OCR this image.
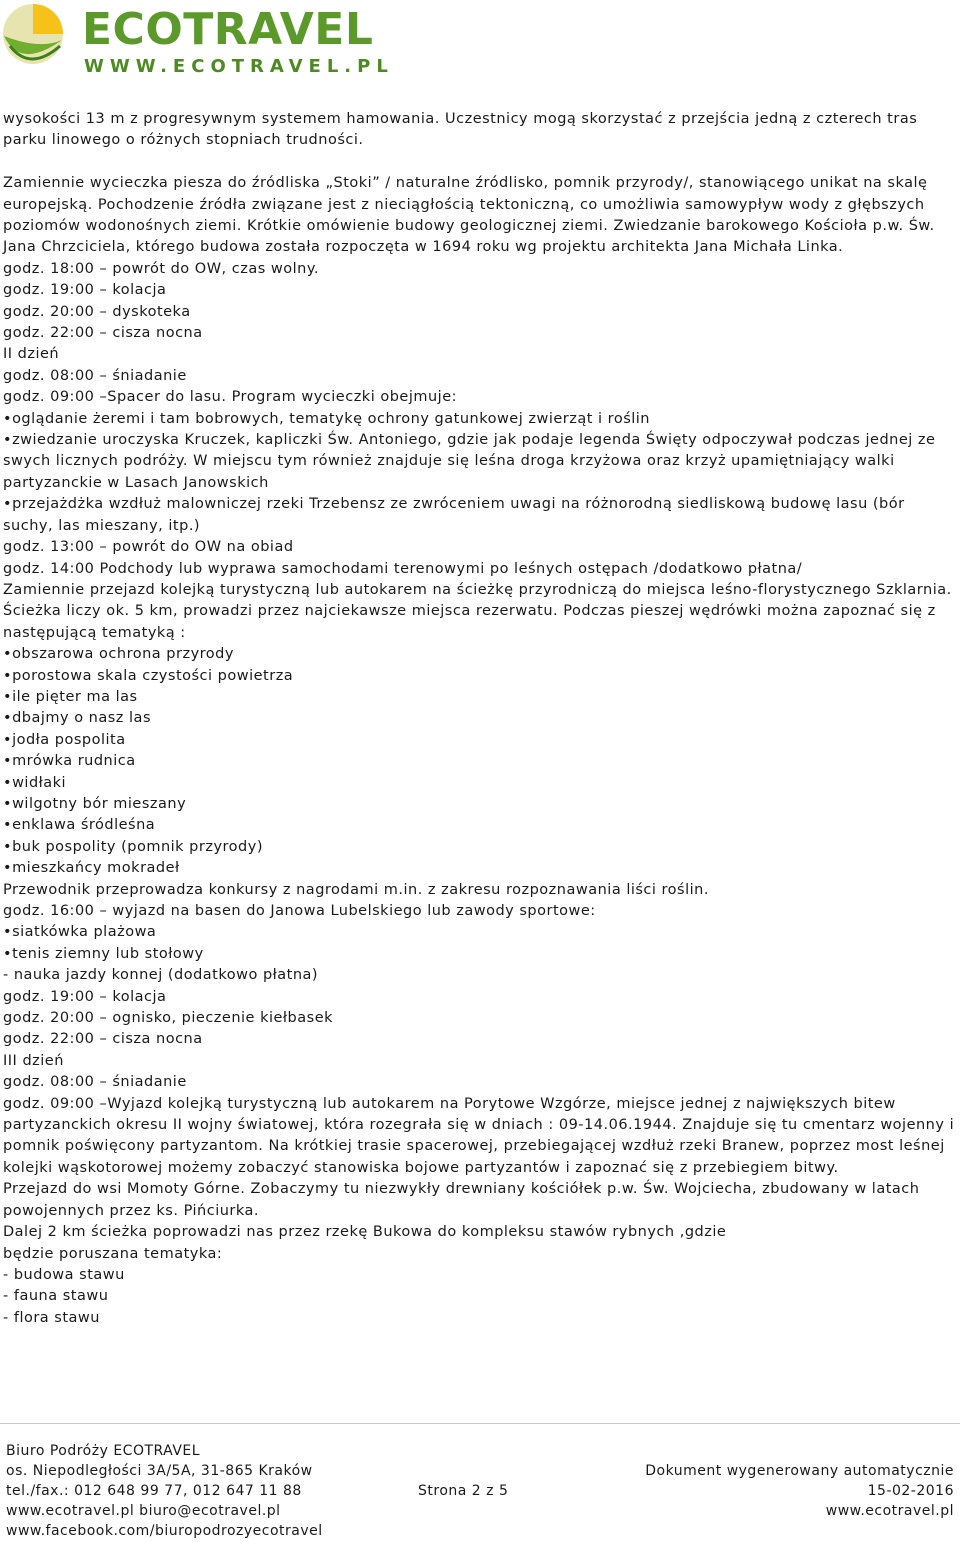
ECOTRAVEL
WWW.ECOTRAVEL.PL

wysokości 13 m z progresywnym systemem hamowania. Uczestnicy mogą skorzystać z przejścia jedną z czterech tras parku linowego o różnych stopniach trudności.

Zamiennie wycieczka piesza do źródliska „Stoki” / naturalne źródlisko, pomnik przyrody/, stanowiącego unikat na skalę europejską. Pochodzenie źródła związane jest z nieciągłością tektoniczną, co umożliwia samowypływ wody z głębszych poziomów wodonośnych ziemi. Krótkie omówienie budowy geologicznej ziemi. Zwiedzanie barokowego Kościoła p.w. Św. Jana Chrzciciela, którego budowa została rozpoczęta w 1694 roku wg projektu architekta Jana Michała Linka.

godz. 18:00 – powrót do OW, czas wolny.

godz. 19:00 – kolacja

godz. 20:00 – dyskoteka

godz. 22:00 – cisza nocna

II dzień

godz. 08:00 – śniadanie

godz. 09:00 –Spacer do lasu. Program wycieczki obejmuje:

• oglądanie żeremi i tam bobrowych, tematykę ochrony gatunkowej zwierząt i roślin

• zwiedzanie uroczyska Kruczek, kapliczki Św. Antoniego, gdzie jak podaje legenda Święty odpoczywał podczas jednej ze swych licznych podróży. W miejscu tym również znajduje się leśna droga krzyżowa oraz krzyż upamiętniający walki partyzanckie w Lasach Janowskich

• przejażdżka wzdłuż malowniczej rzeki Trzebensz ze zwróceniem uwagi na różnorodną siedliskową budowę lasu (bór suchy, las mieszany, itp.)

godz. 13:00 – powrót do OW na obiad

godz. 14:00 Podchody lub wyprawa samochodami terenowymi po leśnych ostępach /dodatkowo płatna/

Zamiennie przejazd kolejką turystyczną lub autokarem na ścieżkę przyrodniczą do miejsca leśno-florystycznego Szklarnia. Ścieżka liczy ok. 5 km, prowadzi przez najciekawsze miejsca rezerwatu. Podczas pieszej wędrówki można zapoznać się z następującą tematyką :

• obszarowa ochrona przyrody

• porostowa skala czystości powietrza

• ile pięter ma las

• dbajmy o nasz las

• jodła pospolita

• mrówka rudnica

• widłaki

• wilgotny bór mieszany

• enklawa śródleśna

• buk pospolity (pomnik przyrody)

• mieszkańcy mokradeł

Przewodnik przeprowadza konkursy z nagrodami m.in. z zakresu rozpoznawania liści roślin.

godz. 16:00 – wyjazd na basen do Janowa Lubelskiego lub zawody sportowe:

• siatkówka plażowa

• tenis ziemny lub stołowy

- nauka jazdy konnej (dodatkowo płatna)

godz. 19:00 – kolacja

godz. 20:00 – ognisko, pieczenie kiełbasek

godz. 22:00 – cisza nocna

III dzień

godz. 08:00 – śniadanie

godz. 09:00 –Wyjazd kolejką turystyczną lub autokarem na Porytowe Wzgórze, miejsce jednej z największych bitew partyzanckich okresu II wojny światowej, która rozegrała się w dniach : 09-14.06.1944. Znajduje się tu cmentarz wojenny i pomnik poświęcony partyzantom. Na krótkiej trasie spacerowej, przebiegającej wzdłuż rzeki Branew, poprzez most leśnej kolejki wąskotorowej możemy zobaczyć stanowiska bojowe partyzantów i zapoznać się z przebiegiem bitwy.

Przejazd do wsi Momoty Górne. Zobaczymy tu niezwykły drewniany kościółek p.w. Św. Wojciecha, zbudowany w latach powojennych przez ks. Pińciurka.

Dalej 2 km ścieżka poprowadzi nas przez rzekę Bukowa do kompleksu stawów rybnych ,gdzie

będzie poruszana tematyka:

- budowa stawu

- fauna stawu

- flora stawu

Biuro Podróży ECOTRAVEL
os. Niepodległości 3A/5A, 31-865 Kraków	Dokument wygenerowany automatycznie
tel./fax.: 012 648 99 77, 012 647 11 88	Strona 2 z 5	15-02-2016
www.ecotravel.pl biuro@ecotravel.pl	www.ecotravel.pl
www.facebook.com/biuropodrozyecotravel
